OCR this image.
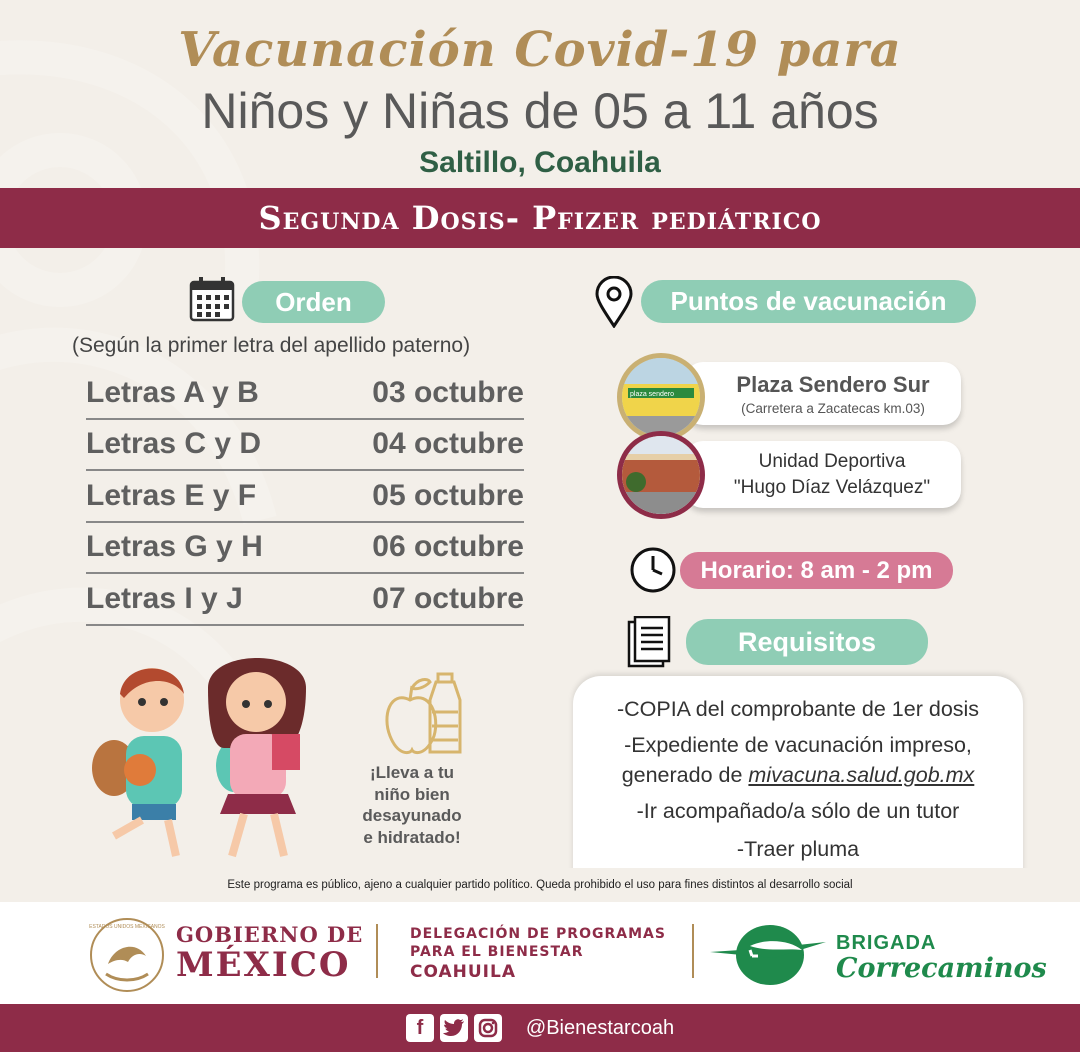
Vacunación Covid-19 para
Niños y Niñas de 05 a 11 años
Saltillo, Coahuila
Segunda Dosis- Pfizer pediátrico
Orden
(Según la primer letra del apellido paterno)
Letras A y B	03 octubre
Letras C y D	04 octubre
Letras E y F	05 octubre
Letras G y H	06 octubre
Letras I y J	07 octubre
Puntos de vacunación
Plaza Sendero Sur
(Carretera a Zacatecas km.03)
plaza sendero
Unidad Deportiva
"Hugo Díaz Velázquez"
Horario: 8 am - 2 pm
Requisitos
-COPIA del comprobante de 1er dosis
-Expediente de vacunación impreso,
generado de mivacuna.salud.gob.mx
-Ir acompañado/a sólo de un tutor
-Traer pluma
¡Lleva a tu
niño bien
desayunado
e hidratado!
Este programa es público, ajeno a cualquier partido político. Queda prohibido el uso para fines distintos al desarrollo social
ESTADOS UNIDOS MEXICANOS GOBIERNO DE
MÉXICO
DELEGACIÓN DE PROGRAMAS
PARA EL BIENESTAR
COAHUILA
BRIGADA
Correcaminos
f	@Bienestarcoah
